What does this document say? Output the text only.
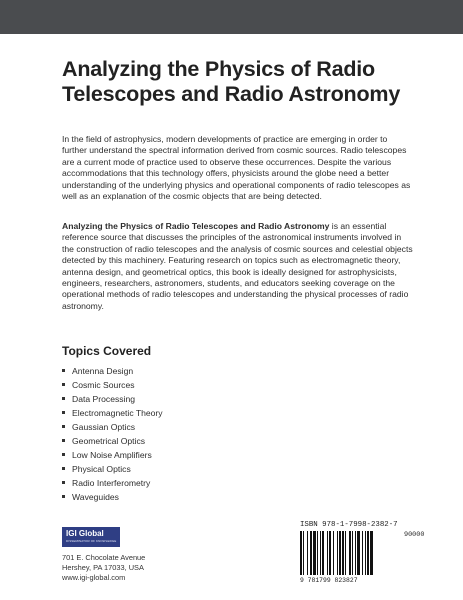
Analyzing the Physics of Radio
Telescopes and Radio Astronomy

In the field of astrophysics, modern developments of practice are emerging in order to further understand the spectral information derived from cosmic sources. Radio telescopes are a current mode of practice used to observe these occurrences. Despite the various accommodations that this technology offers, physicists around the globe need a better understanding of the underlying physics and operational components of radio telescopes as well as an explanation of the cosmic objects that are being detected.

Analyzing the Physics of Radio Telescopes and Radio Astronomy is an essential reference source that discusses the principles of the astronomical instruments involved in the construction of radio telescopes and the analysis of cosmic sources and celestial objects detected by this machinery. Featuring research on topics such as electromagnetic theory, antenna design, and geometrical optics, this book is ideally designed for astrophysicists, engineers, researchers, astronomers, students, and educators seeking coverage on the operational methods of radio telescopes and understanding the physical processes of radio astronomy.

Topics Covered
Antenna Design
Cosmic Sources
Data Processing
Electromagnetic Theory
Gaussian Optics
Geometrical Optics
Low Noise Amplifiers
Physical Optics
Radio Interferometry
Waveguides
IGI Global
DISSEMINATOR OF KNOWLEDGE
701 E. Chocolate Avenue
Hershey, PA 17033, USA
www.igi-global.com
ISBN 978-1-7998-2382-7
90000
9 781799 823827
